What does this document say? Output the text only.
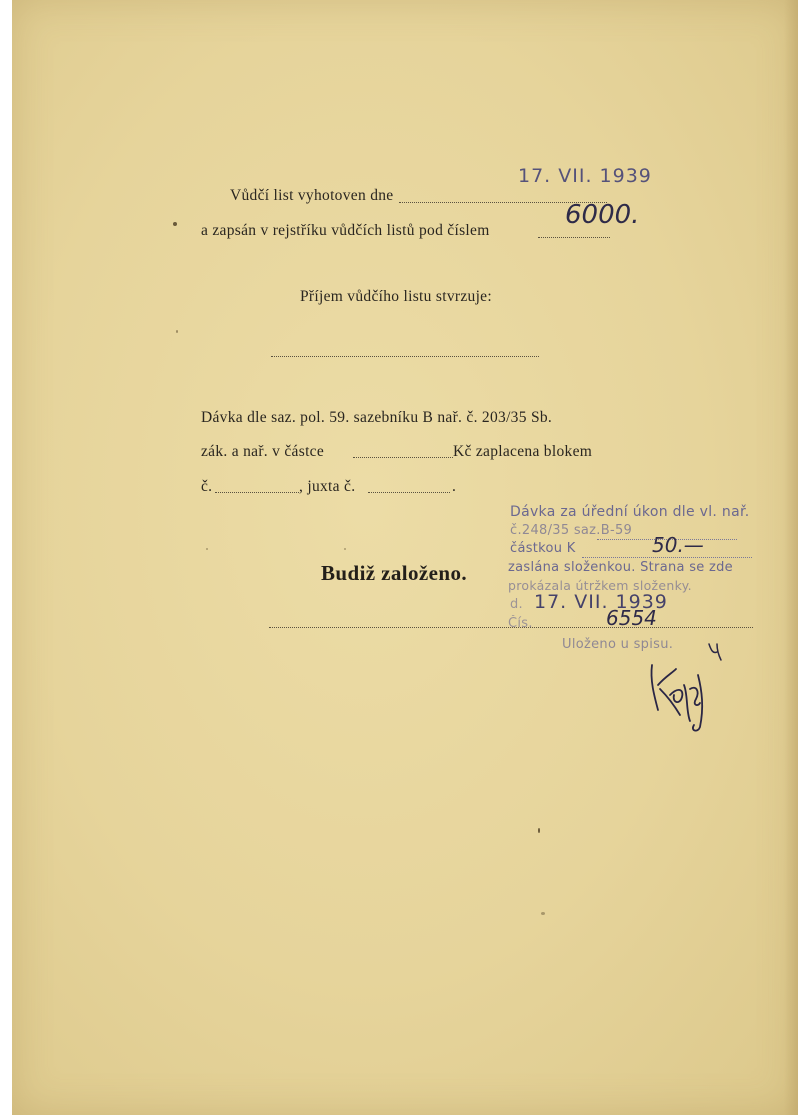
Vůdčí list vyhotoven dne
17. VII. 1939
a zapsán v rejstříku vůdčích listů pod číslem
6000.
Příjem vůdčího listu stvrzuje:
Dávka dle saz. pol. 59. sazebníku B nař. č. 203/35 Sb.
zák. a nař. v částce	Kč zaplacena blokem
č.	, juxta č.	.
Budiž založeno.
Dávka za úřední úkon dle vl. nař.
č.248/35 saz.B-59
částkou K	50.—
zaslána složenkou. Strana se zde
prokázala útržkem složenky.
d. 17. VII. 1939
Čís.	6554
Uloženo u spisu.
